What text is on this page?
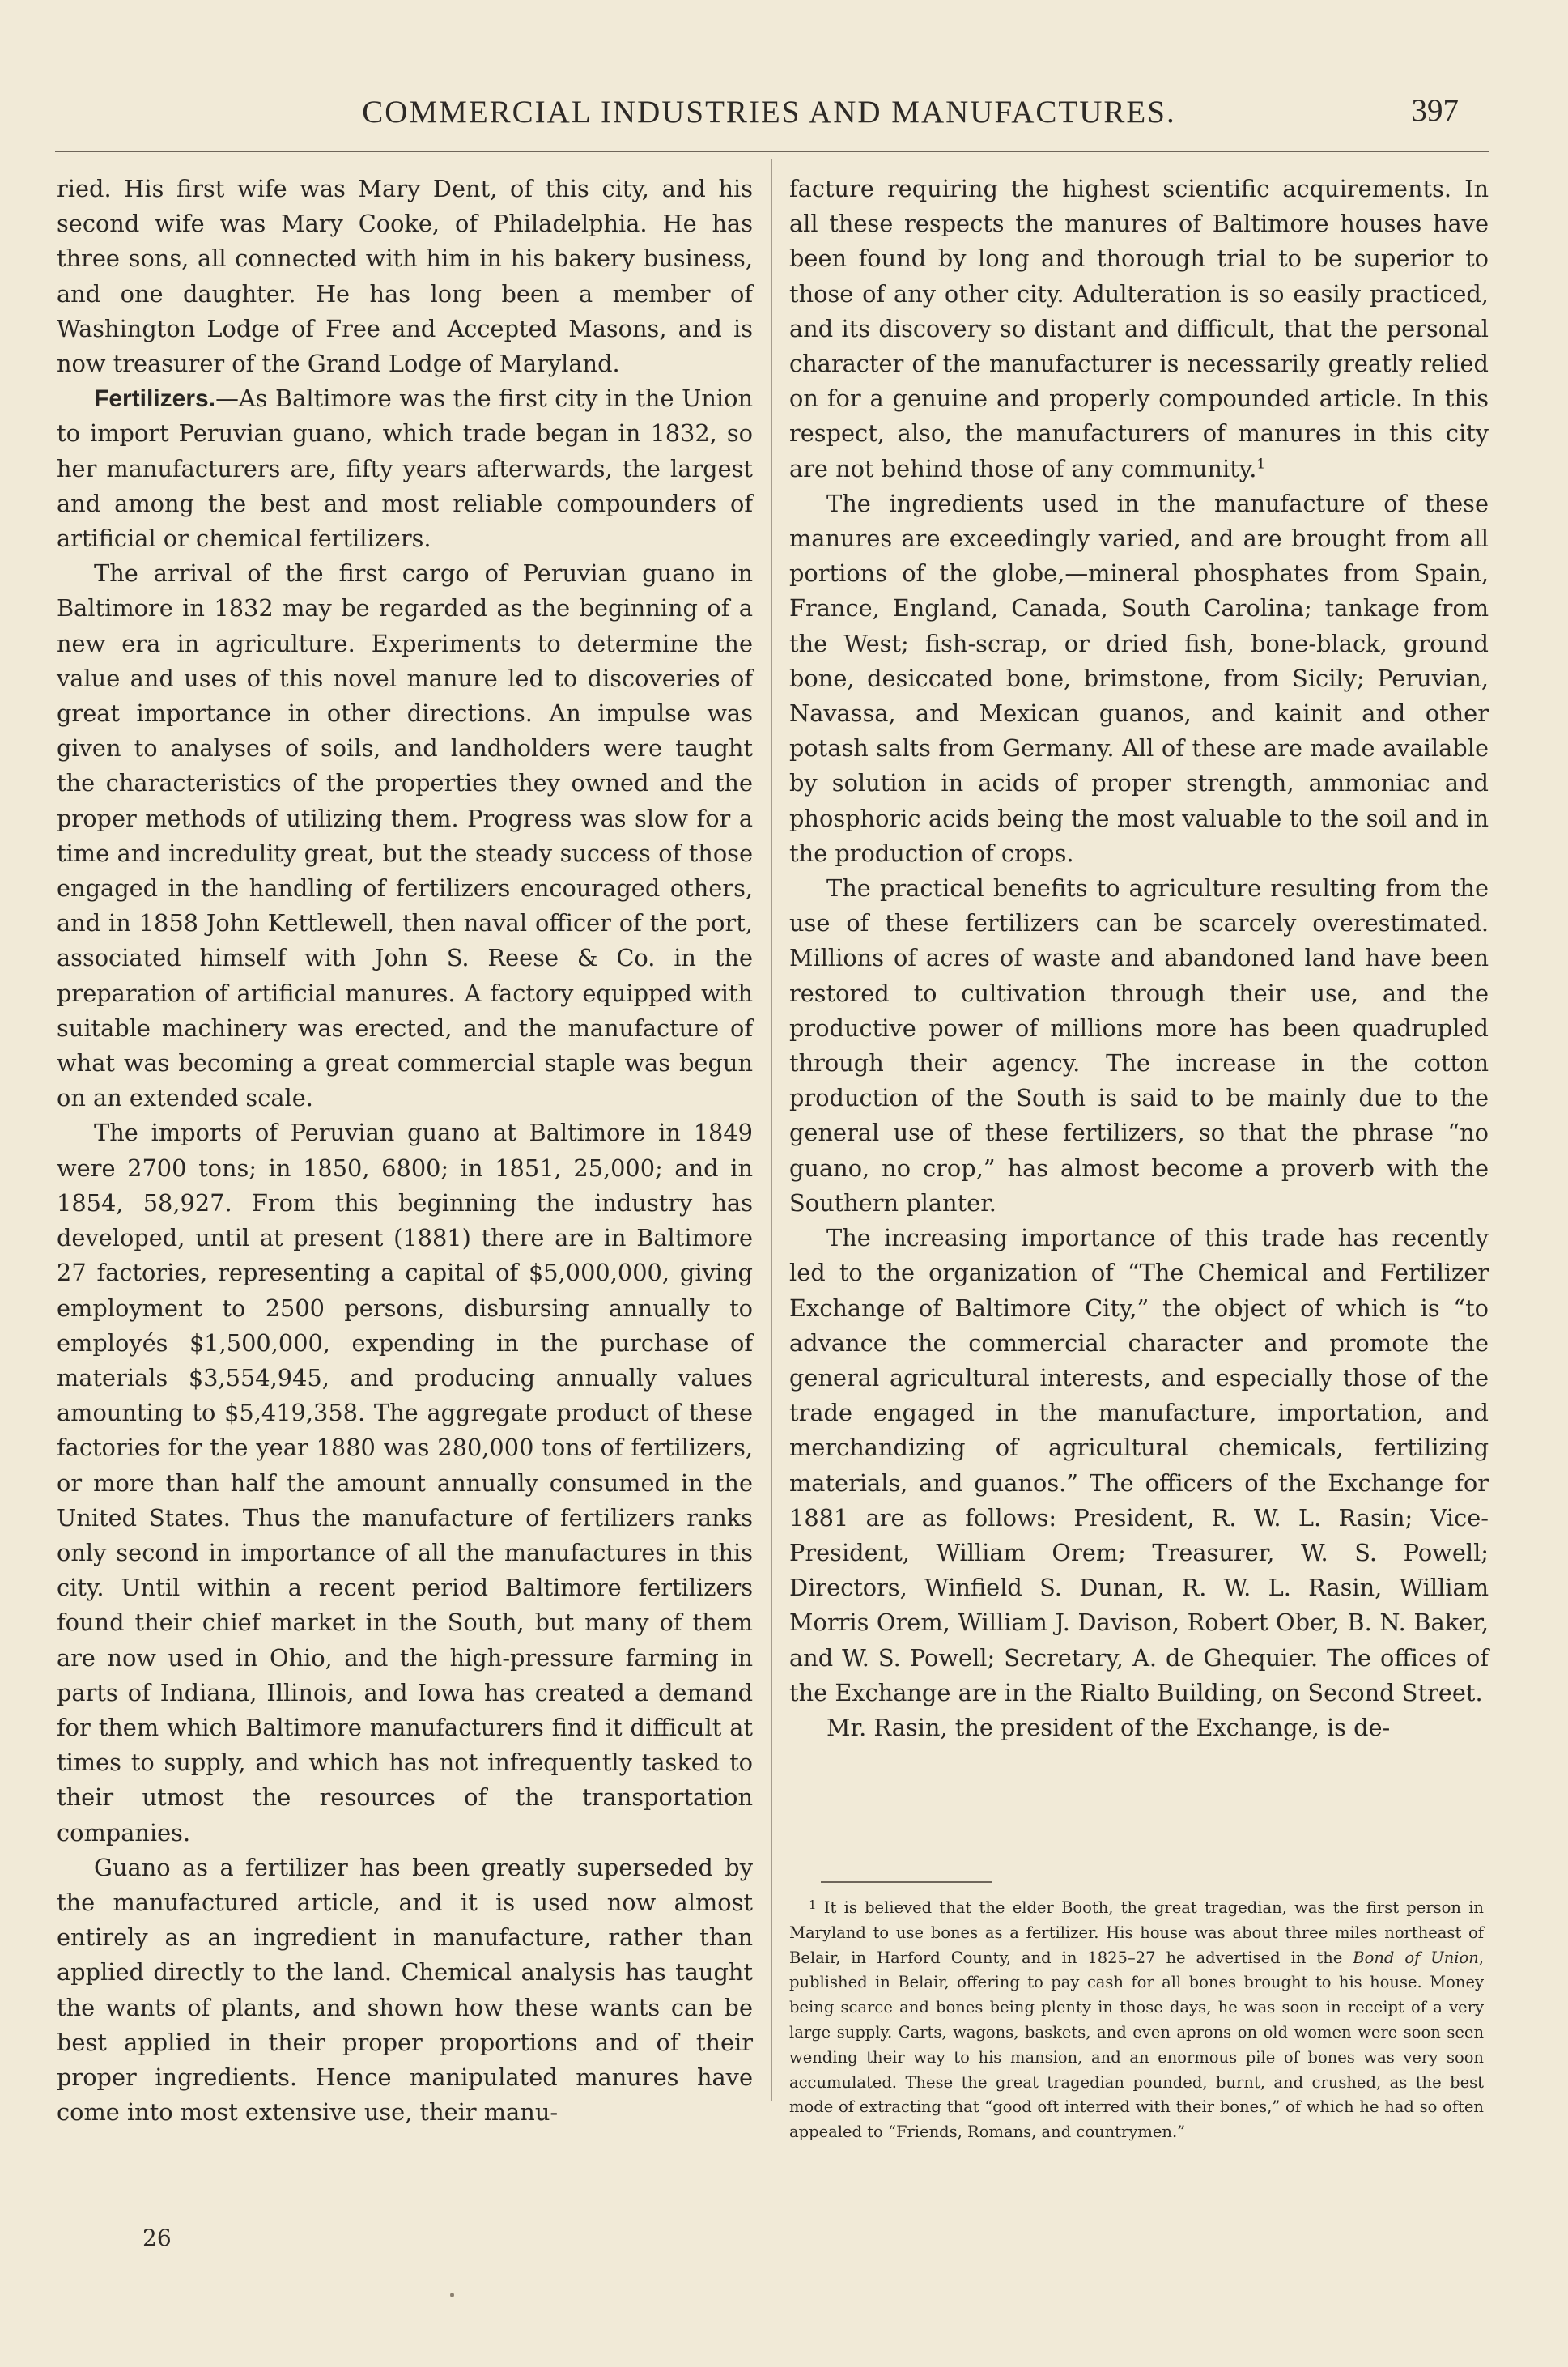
COMMERCIAL INDUSTRIES AND MANUFACTURES.	397

ried. His first wife was Mary Dent, of this city, and his second wife was Mary Cooke, of Philadelphia. He has three sons, all connected with him in his bakery business, and one daughter. He has long been a member of Washington Lodge of Free and Accepted Masons, and is now treasurer of the Grand Lodge of Maryland.

Fertilizers.—As Baltimore was the first city in the Union to import Peruvian guano, which trade began in 1832, so her manufacturers are, fifty years afterwards, the largest and among the best and most reliable compounders of artificial or chemical fertilizers.

The arrival of the first cargo of Peruvian guano in Baltimore in 1832 may be regarded as the beginning of a new era in agriculture. Experiments to determine the value and uses of this novel manure led to discoveries of great importance in other directions. An impulse was given to analyses of soils, and landholders were taught the characteristics of the properties they owned and the proper methods of utilizing them. Progress was slow for a time and incredulity great, but the steady success of those engaged in the handling of fertilizers encouraged others, and in 1858 John Kettlewell, then naval officer of the port, associated himself with John S. Reese & Co. in the preparation of artificial manures. A factory equipped with suitable machinery was erected, and the manufacture of what was becoming a great commercial staple was begun on an extended scale.

The imports of Peruvian guano at Baltimore in 1849 were 2700 tons; in 1850, 6800; in 1851, 25,000; and in 1854, 58,927. From this beginning the industry has developed, until at present (1881) there are in Baltimore 27 factories, representing a capital of $5,000,000, giving employment to 2500 persons, disbursing annually to employés $1,500,000, expending in the purchase of materials $3,554,945, and producing annually values amounting to $5,419,358. The aggregate product of these factories for the year 1880 was 280,000 tons of fertilizers, or more than half the amount annually consumed in the United States. Thus the manufacture of fertilizers ranks only second in importance of all the manufactures in this city. Until within a recent period Baltimore fertilizers found their chief market in the South, but many of them are now used in Ohio, and the high-pressure farming in parts of Indiana, Illinois, and Iowa has created a demand for them which Baltimore manufacturers find it difficult at times to supply, and which has not infrequently tasked to their utmost the resources of the transportation companies.

Guano as a fertilizer has been greatly superseded by the manufactured article, and it is used now almost entirely as an ingredient in manufacture, rather than applied directly to the land. Chemical analysis has taught the wants of plants, and shown how these wants can be best applied in their proper proportions and of their proper ingredients. Hence manipulated manures have come into most extensive use, their manu-

26

facture requiring the highest scientific acquirements. In all these respects the manures of Baltimore houses have been found by long and thorough trial to be superior to those of any other city. Adulteration is so easily practiced, and its discovery so distant and difficult, that the personal character of the manufacturer is necessarily greatly relied on for a genuine and properly compounded article. In this respect, also, the manufacturers of manures in this city are not behind those of any community.$^1$

The ingredients used in the manufacture of these manures are exceedingly varied, and are brought from all portions of the globe,—mineral phosphates from Spain, France, England, Canada, South Carolina; tankage from the West; fish-scrap, or dried fish, bone-black, ground bone, desiccated bone, brimstone, from Sicily; Peruvian, Navassa, and Mexican guanos, and kainit and other potash salts from Germany. All of these are made available by solution in acids of proper strength, ammoniac and phosphoric acids being the most valuable to the soil and in the production of crops.

The practical benefits to agriculture resulting from the use of these fertilizers can be scarcely overestimated. Millions of acres of waste and abandoned land have been restored to cultivation through their use, and the productive power of millions more has been quadrupled through their agency. The increase in the cotton production of the South is said to be mainly due to the general use of these fertilizers, so that the phrase “no guano, no crop,” has almost become a proverb with the Southern planter.

The increasing importance of this trade has recently led to the organization of “The Chemical and Fertilizer Exchange of Baltimore City,” the object of which is “to advance the commercial character and promote the general agricultural interests, and especially those of the trade engaged in the manufacture, importation, and merchandizing of agricultural chemicals, fertilizing materials, and guanos.” The officers of the Exchange for 1881 are as follows: President, R. W. L. Rasin; Vice-President, William Orem; Treasurer, W. S. Powell; Directors, Winfield S. Dunan, R. W. L. Rasin, William Morris Orem, William J. Davison, Robert Ober, B. N. Baker, and W. S. Powell; Secretary, A. de Ghequier. The offices of the Exchange are in the Rialto Building, on Second Street.

Mr. Rasin, the president of the Exchange, is de-

$^1$ It is believed that the elder Booth, the great tragedian, was the first person in Maryland to use bones as a fertilizer. His house was about three miles northeast of Belair, in Harford County, and in 1825–27 he advertised in the Bond of Union, published in Belair, offering to pay cash for all bones brought to his house. Money being scarce and bones being plenty in those days, he was soon in receipt of a very large supply. Carts, wagons, baskets, and even aprons on old women were soon seen wending their way to his mansion, and an enormous pile of bones was very soon accumulated. These the great tragedian pounded, burnt, and crushed, as the best mode of extracting that “good oft interred with their bones,” of which he had so often appealed to “Friends, Romans, and countrymen.”
